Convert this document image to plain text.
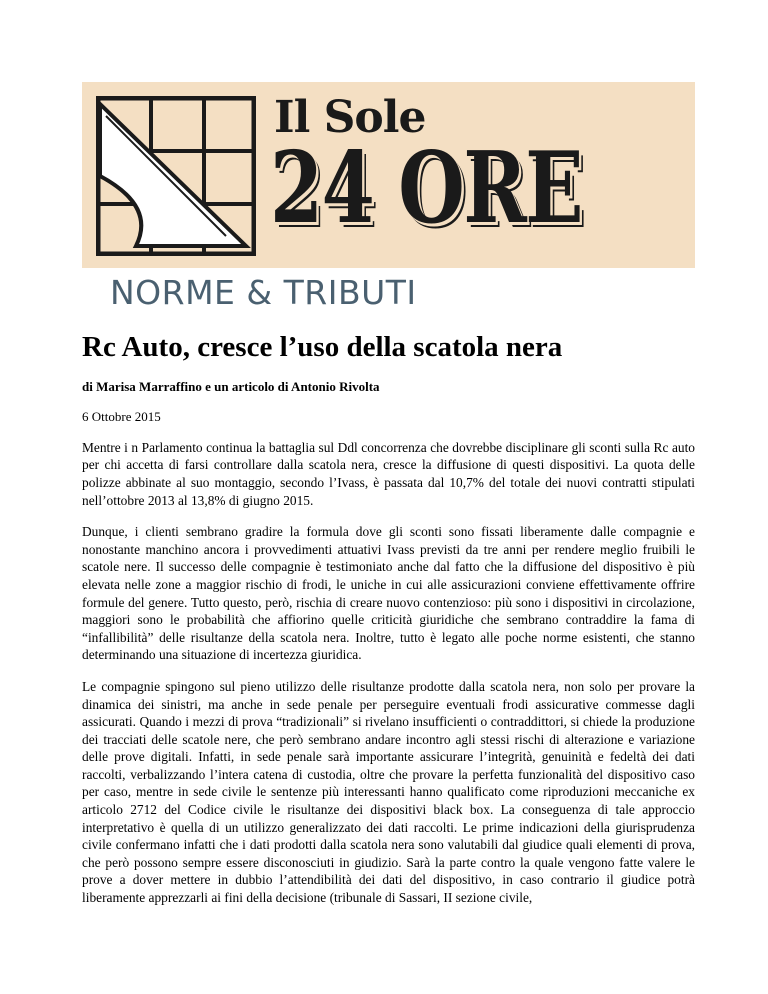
Il Sole
24 ORE
NORME & TRIBUTI
Rc Auto, cresce l’uso della scatola nera

di Marisa Marraffino e un articolo di Antonio Rivolta

6 Ottobre 2015

Mentre i n Parlamento continua la battaglia sul Ddl concorrenza che dovrebbe disciplinare gli sconti sulla Rc auto per chi accetta di farsi controllare dalla scatola nera, cresce la diffusione di questi dispositivi. La quota delle polizze abbinate al suo montaggio, secondo l’Ivass, è passata dal 10,7% del totale dei nuovi contratti stipulati nell’ottobre 2013 al 13,8% di giugno 2015.

Dunque, i clienti sembrano gradire la formula dove gli sconti sono fissati liberamente dalle compagnie e nonostante manchino ancora i provvedimenti attuativi Ivass previsti da tre anni per rendere meglio fruibili le scatole nere. Il successo delle compagnie è testimoniato anche dal fatto che la diffusione del dispositivo è più elevata nelle zone a maggior rischio di frodi, le uniche in cui alle assicurazioni conviene effettivamente offrire formule del genere. Tutto questo, però, rischia di creare nuovo contenzioso: più sono i dispositivi in circolazione, maggiori sono le probabilità che affiorino quelle criticità giuridiche che sembrano contraddire la fama di “infallibilità” delle risultanze della scatola nera. Inoltre, tutto è legato alle poche norme esistenti, che stanno determinando una situazione di incertezza giuridica.

Le compagnie spingono sul pieno utilizzo delle risultanze prodotte dalla scatola nera, non solo per provare la dinamica dei sinistri, ma anche in sede penale per perseguire eventuali frodi assicurative commesse dagli assicurati. Quando i mezzi di prova “tradizionali” si rivelano insufficienti o contraddittori, si chiede la produzione dei tracciati delle scatole nere, che però sembrano andare incontro agli stessi rischi di alterazione e variazione delle prove digitali. Infatti, in sede penale sarà importante assicurare l’integrità, genuinità e fedeltà dei dati raccolti, verbalizzando l’intera catena di custodia, oltre che provare la perfetta funzionalità del dispositivo caso per caso, mentre in sede civile le sentenze più interessanti hanno qualificato come riproduzioni meccaniche ex articolo 2712 del Codice civile le risultanze dei dispositivi black box. La conseguenza di tale approccio interpretativo è quella di un utilizzo generalizzato dei dati raccolti. Le prime indicazioni della giurisprudenza civile confermano infatti che i dati prodotti dalla scatola nera sono valutabili dal giudice quali elementi di prova, che però possono sempre essere disconosciuti in giudizio. Sarà la parte contro la quale vengono fatte valere le prove a dover mettere in dubbio l’attendibilità dei dati del dispositivo, in caso contrario il giudice potrà liberamente apprezzarli ai fini della decisione (tribunale di Sassari, II sezione civile,
